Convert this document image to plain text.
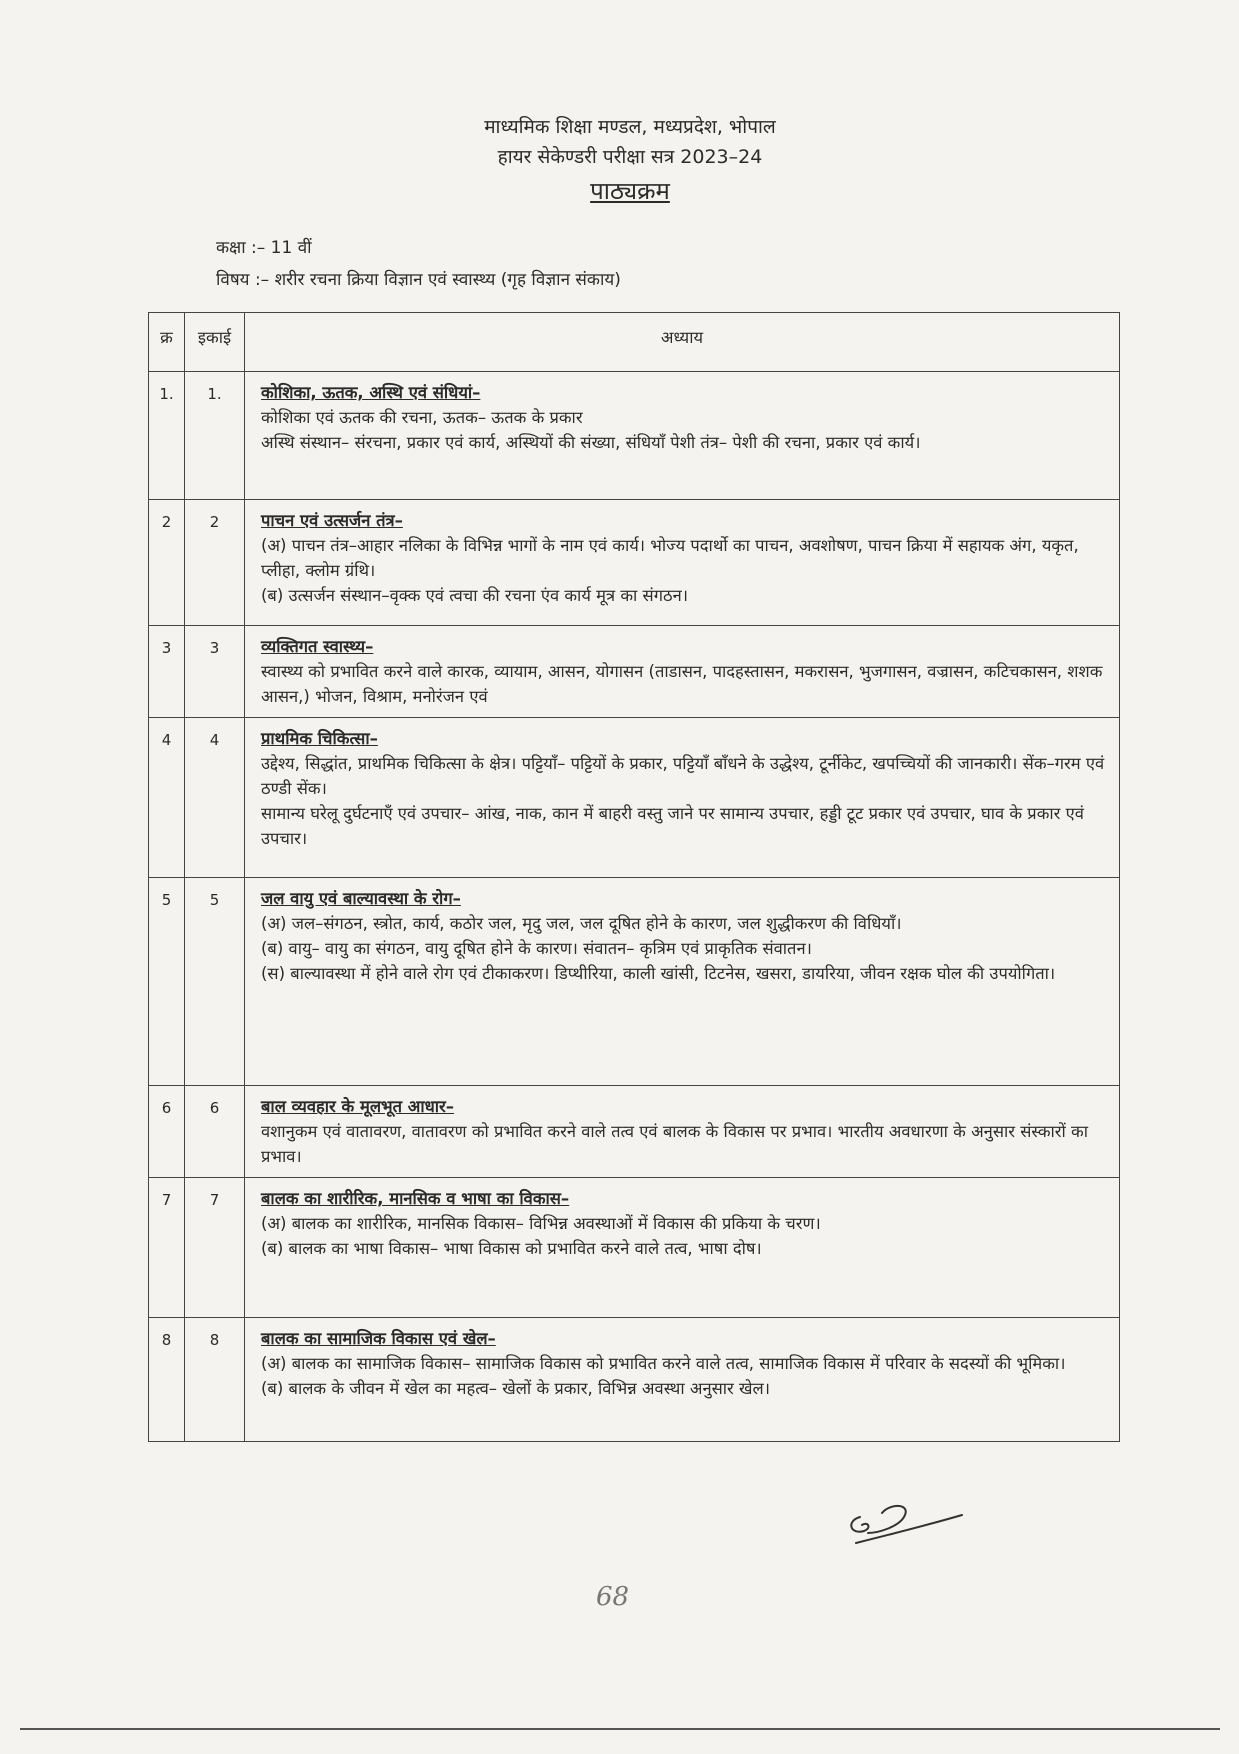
माध्यमिक शिक्षा मण्डल, मध्यप्रदेश, भोपाल
हायर सेकेण्डरी परीक्षा सत्र 2023–24
पाठ्यक्रम
कक्षा :– 11 वीं
विषय :– शरीर रचना क्रिया विज्ञान एवं स्वास्थ्य (गृह विज्ञान संकाय)
क्र	इकाई	अध्याय
1.	1.	कोशिका, ऊतक, अस्थि एवं संधियां–
कोशिका एवं ऊतक की रचना, ऊतक– ऊतक के प्रकार
अस्थि संस्थान– संरचना, प्रकार एवं कार्य, अस्थियों की संख्या, संधियाँ पेशी तंत्र– पेशी की रचना, प्रकार एवं कार्य।

2	2	पाचन एवं उत्सर्जन तंत्र–
(अ) पाचन तंत्र–आहार नलिका के विभिन्न भागों के नाम एवं कार्य। भोज्य पदार्थो का पाचन, अवशोषण, पाचन क्रिया में सहायक अंग, यकृत, प्लीहा, क्लोम ग्रंथि।
(ब) उत्सर्जन संस्थान–वृक्क एवं त्वचा की रचना एंव कार्य मूत्र का संगठन।

3	3	व्यक्तिगत स्वास्थ्य–
स्वास्थ्य को प्रभावित करने वाले कारक, व्यायाम, आसन, योगासन (ताडासन, पादहस्तासन, मकरासन, भुजगासन, वज्रासन, कटिचकासन, शशक आसन,) भोजन, विश्राम, मनोरंजन एवं

4	4	प्राथमिक चिकित्सा–
उद्देश्य, सिद्धांत, प्राथमिक चिकित्सा के क्षेत्र। पट्टियाँ– पट्टियों के प्रकार, पट्टियाँ बाँधने के उद्धेश्य, टूर्नीकेट, खपच्चियों की जानकारी। सेंक–गरम एवं ठण्डी सेंक।
सामान्य घरेलू दुर्घटनाएँ एवं उपचार– आंख, नाक, कान में बाहरी वस्तु जाने पर सामान्य उपचार, हड्डी टूट प्रकार एवं उपचार, घाव के प्रकार एवं उपचार।

5	5	जल वायु एवं बाल्यावस्था के रोग–
(अ) जल–संगठन, स्त्रोत, कार्य, कठोर जल, मृदु जल, जल दूषित होने के कारण, जल शुद्धीकरण की विधियाँ।
(ब) वायु– वायु का संगठन, वायु दूषित होने के कारण। संवातन– कृत्रिम एवं प्राकृतिक संवातन।
(स) बाल्यावस्था में होने वाले रोग एवं टीकाकरण। डिप्थीरिया, काली खांसी, टिटनेस, खसरा, डायरिया, जीवन रक्षक घोल की उपयोगिता।

6	6	बाल व्यवहार के मूलभूत आधार–
वशानुकम एवं वातावरण, वातावरण को प्रभावित करने वाले तत्व एवं बालक के विकास पर प्रभाव। भारतीय अवधारणा के अनुसार संस्कारों का प्रभाव।

7	7	बालक का शारीरिक, मानसिक व भाषा का विकास–
(अ) बालक का शारीरिक, मानसिक विकास– विभिन्न अवस्थाओं में विकास की प्रकिया के चरण।
(ब) बालक का भाषा विकास– भाषा विकास को प्रभावित करने वाले तत्व, भाषा दोष।

8	8	बालक का सामाजिक विकास एवं खेल–
(अ) बालक का सामाजिक विकास– सामाजिक विकास को प्रभावित करने वाले तत्व, सामाजिक विकास में परिवार के सदस्यों की भूमिका।
(ब) बालक के जीवन में खेल का महत्व– खेलों के प्रकार, विभिन्न अवस्था अनुसार खेल।
68
